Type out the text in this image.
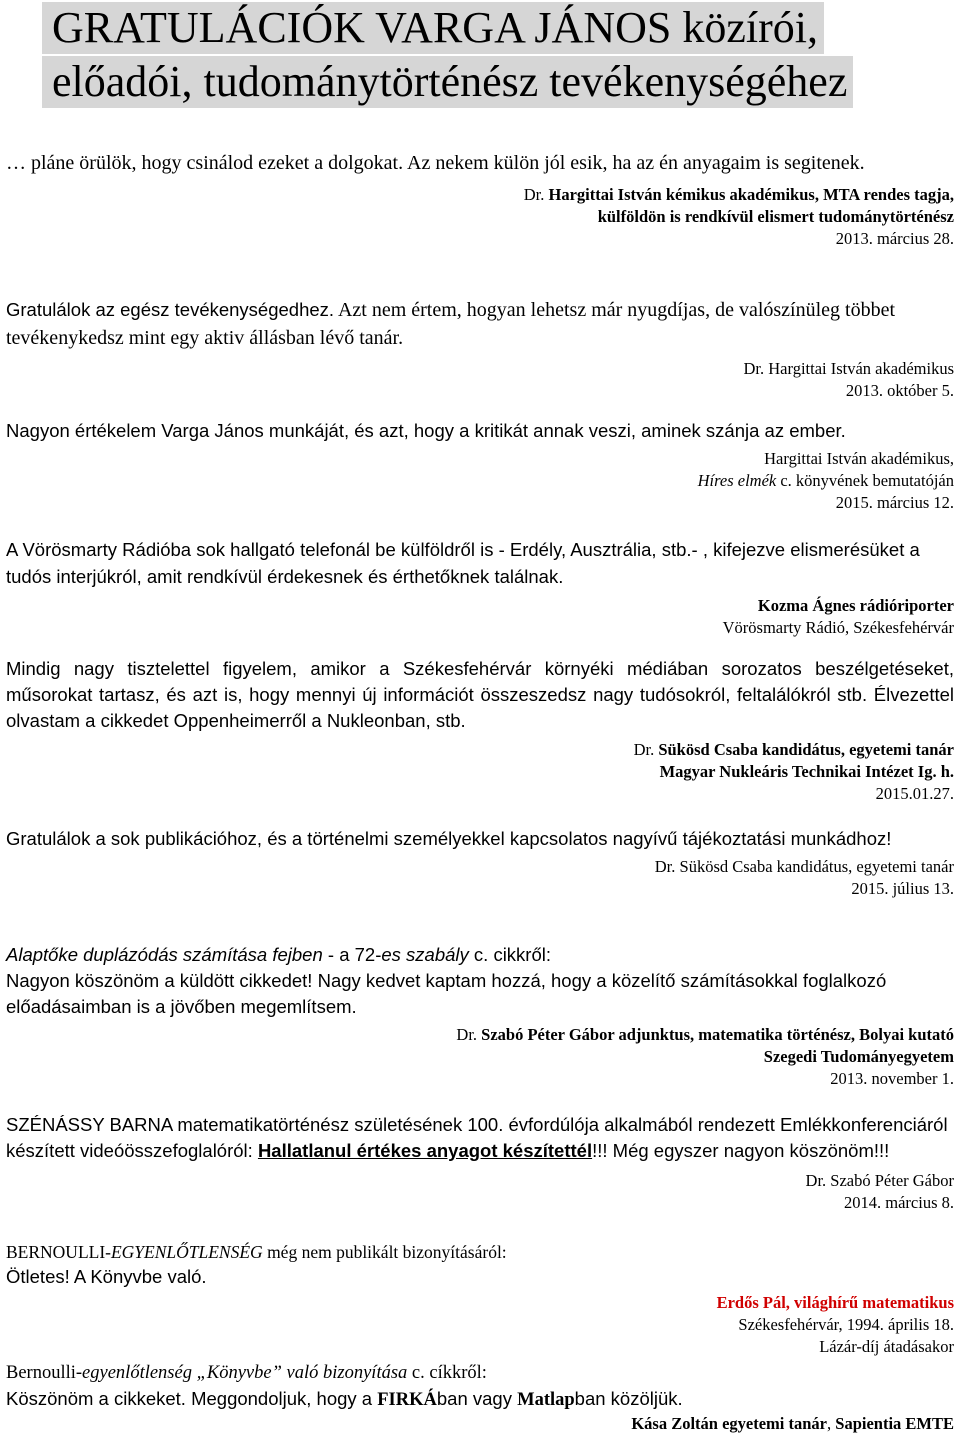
GRATULÁCIÓK VARGA JÁNOS közírói,
előadói, tudománytörténész tevékenységéhez

… pláne örülök, hogy csinálod ezeket a dolgokat. Az nekem külön jól esik, ha az én anyagaim is segitenek.

Dr. Hargittai István kémikus akadémikus, MTA rendes tagja,

külföldön is rendkívül elismert tudománytörténész

2013. március 28.

Gratulálok az egész tevékenységedhez. Azt nem értem, hogyan lehetsz már nyugdíjas, de valószínüleg többet tevékenykedsz mint egy aktiv állásban lévő tanár.

Dr. Hargittai István akadémikus

2013. október 5.

Nagyon értékelem Varga János munkáját, és azt, hogy a kritikát annak veszi, aminek szánja az ember.

Hargittai István akadémikus,

Híres elmék c. könyvének bemutatóján

2015. március 12.

A Vörösmarty Rádióba sok hallgató telefonál be külföldről is - Erdély, Ausztrália, stb.- , kifejezve elismerésüket a tudós interjúkról, amit rendkívül érdekesnek és érthetőknek találnak.

Kozma Ágnes rádióriporter

Vörösmarty Rádió, Székesfehérvár

Mindig nagy tisztelettel figyelem, amikor a Székesfehérvár környéki médiában sorozatos beszélgetéseket, műsorokat tartasz, és azt is, hogy mennyi új információt összeszedsz nagy tudósokról, feltalálókról stb. Élvezettel olvastam a cikkedet Oppenheimerről a Nukleonban, stb.

Dr. Sükösd Csaba kandidátus, egyetemi tanár

Magyar Nukleáris Technikai Intézet Ig. h.

2015.01.27.

Gratulálok a sok publikációhoz, és a történelmi személyekkel kapcsolatos nagyívű tájékoztatási munkádhoz!

Dr. Sükösd Csaba kandidátus, egyetemi tanár

2015. július 13.

Alaptőke duplázódás számítása fejben - a 72-es szabály c. cikkről:

Nagyon köszönöm a küldött cikkedet! Nagy kedvet kaptam hozzá, hogy a közelítő számításokkal foglalkozó előadásaimban is a jövőben megemlítsem.

Dr. Szabó Péter Gábor adjunktus, matematika történész, Bolyai kutató

Szegedi Tudományegyetem

2013. november 1.

SZÉNÁSSY BARNA matematikatörténész születésének 100. évfordúlója alkalmából rendezett Emlékkonferenciáról készített videóösszefoglalóról: Hallatlanul értékes anyagot készítettél!!! Még egyszer nagyon köszönöm!!!

Dr. Szabó Péter Gábor

2014. március 8.

BERNOULLI-EGYENLŐTLENSÉG még nem publikált bizonyításáról:

Ötletes! A Könyvbe való.

Erdős Pál, világhírű matematikus

Székesfehérvár, 1994. április 18.

Lázár-díj átadásakor

Bernoulli-egyenlőtlenség „Könyvbe” való bizonyítása c. cíkkről:

Köszönöm a cikkeket. Meggondoljuk, hogy a FIRKÁban vagy Matlapban közöljük.

Kása Zoltán egyetemi tanár, Sapientia EMTE
